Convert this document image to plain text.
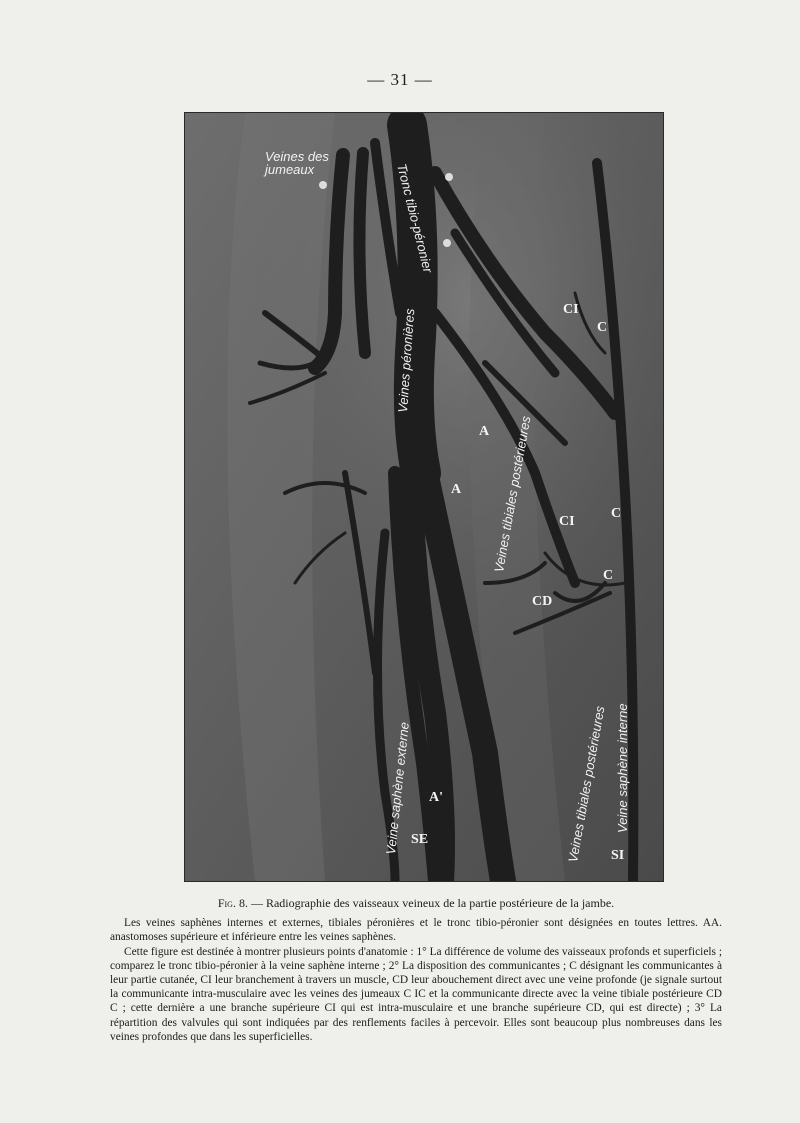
— 31 —
Veines des jumeaux	Tronc tibio-péronier
Veines péronières
Veines tibiales postérieures
Veines tibiales postérieures
Veine saphène externe	Veine saphène interne
CI
C
CI
C
C
CD
A
A
A'
SE
SI

Fig. 8. — Radiographie des vaisseaux veineux de la partie postérieure de la jambe.

Les veines saphènes internes et externes, tibiales péronières et le tronc tibio-péronier sont désignées en toutes lettres. AA. anastomoses supérieure et inférieure entre les veines saphènes.

Cette figure est destinée à montrer plusieurs points d'anatomie : 1° La différence de volume des vaisseaux profonds et superficiels ; comparez le tronc tibio-péronier à la veine saphène interne ; 2° La disposition des communicantes ; C désignant les communicantes à leur partie cutanée, CI leur branchement à travers un muscle, CD leur abouchement direct avec une veine profonde (je signale surtout la communicante intra-musculaire avec les veines des jumeaux C IC et la communicante directe avec la veine tibiale postérieure CD C ; cette dernière a une branche supérieure CI qui est intra-musculaire et une branche supérieure CD, qui est directe) ; 3° La répartition des valvules qui sont indiquées par des renflements faciles à percevoir. Elles sont beaucoup plus nombreuses dans les veines profondes que dans les superficielles.
